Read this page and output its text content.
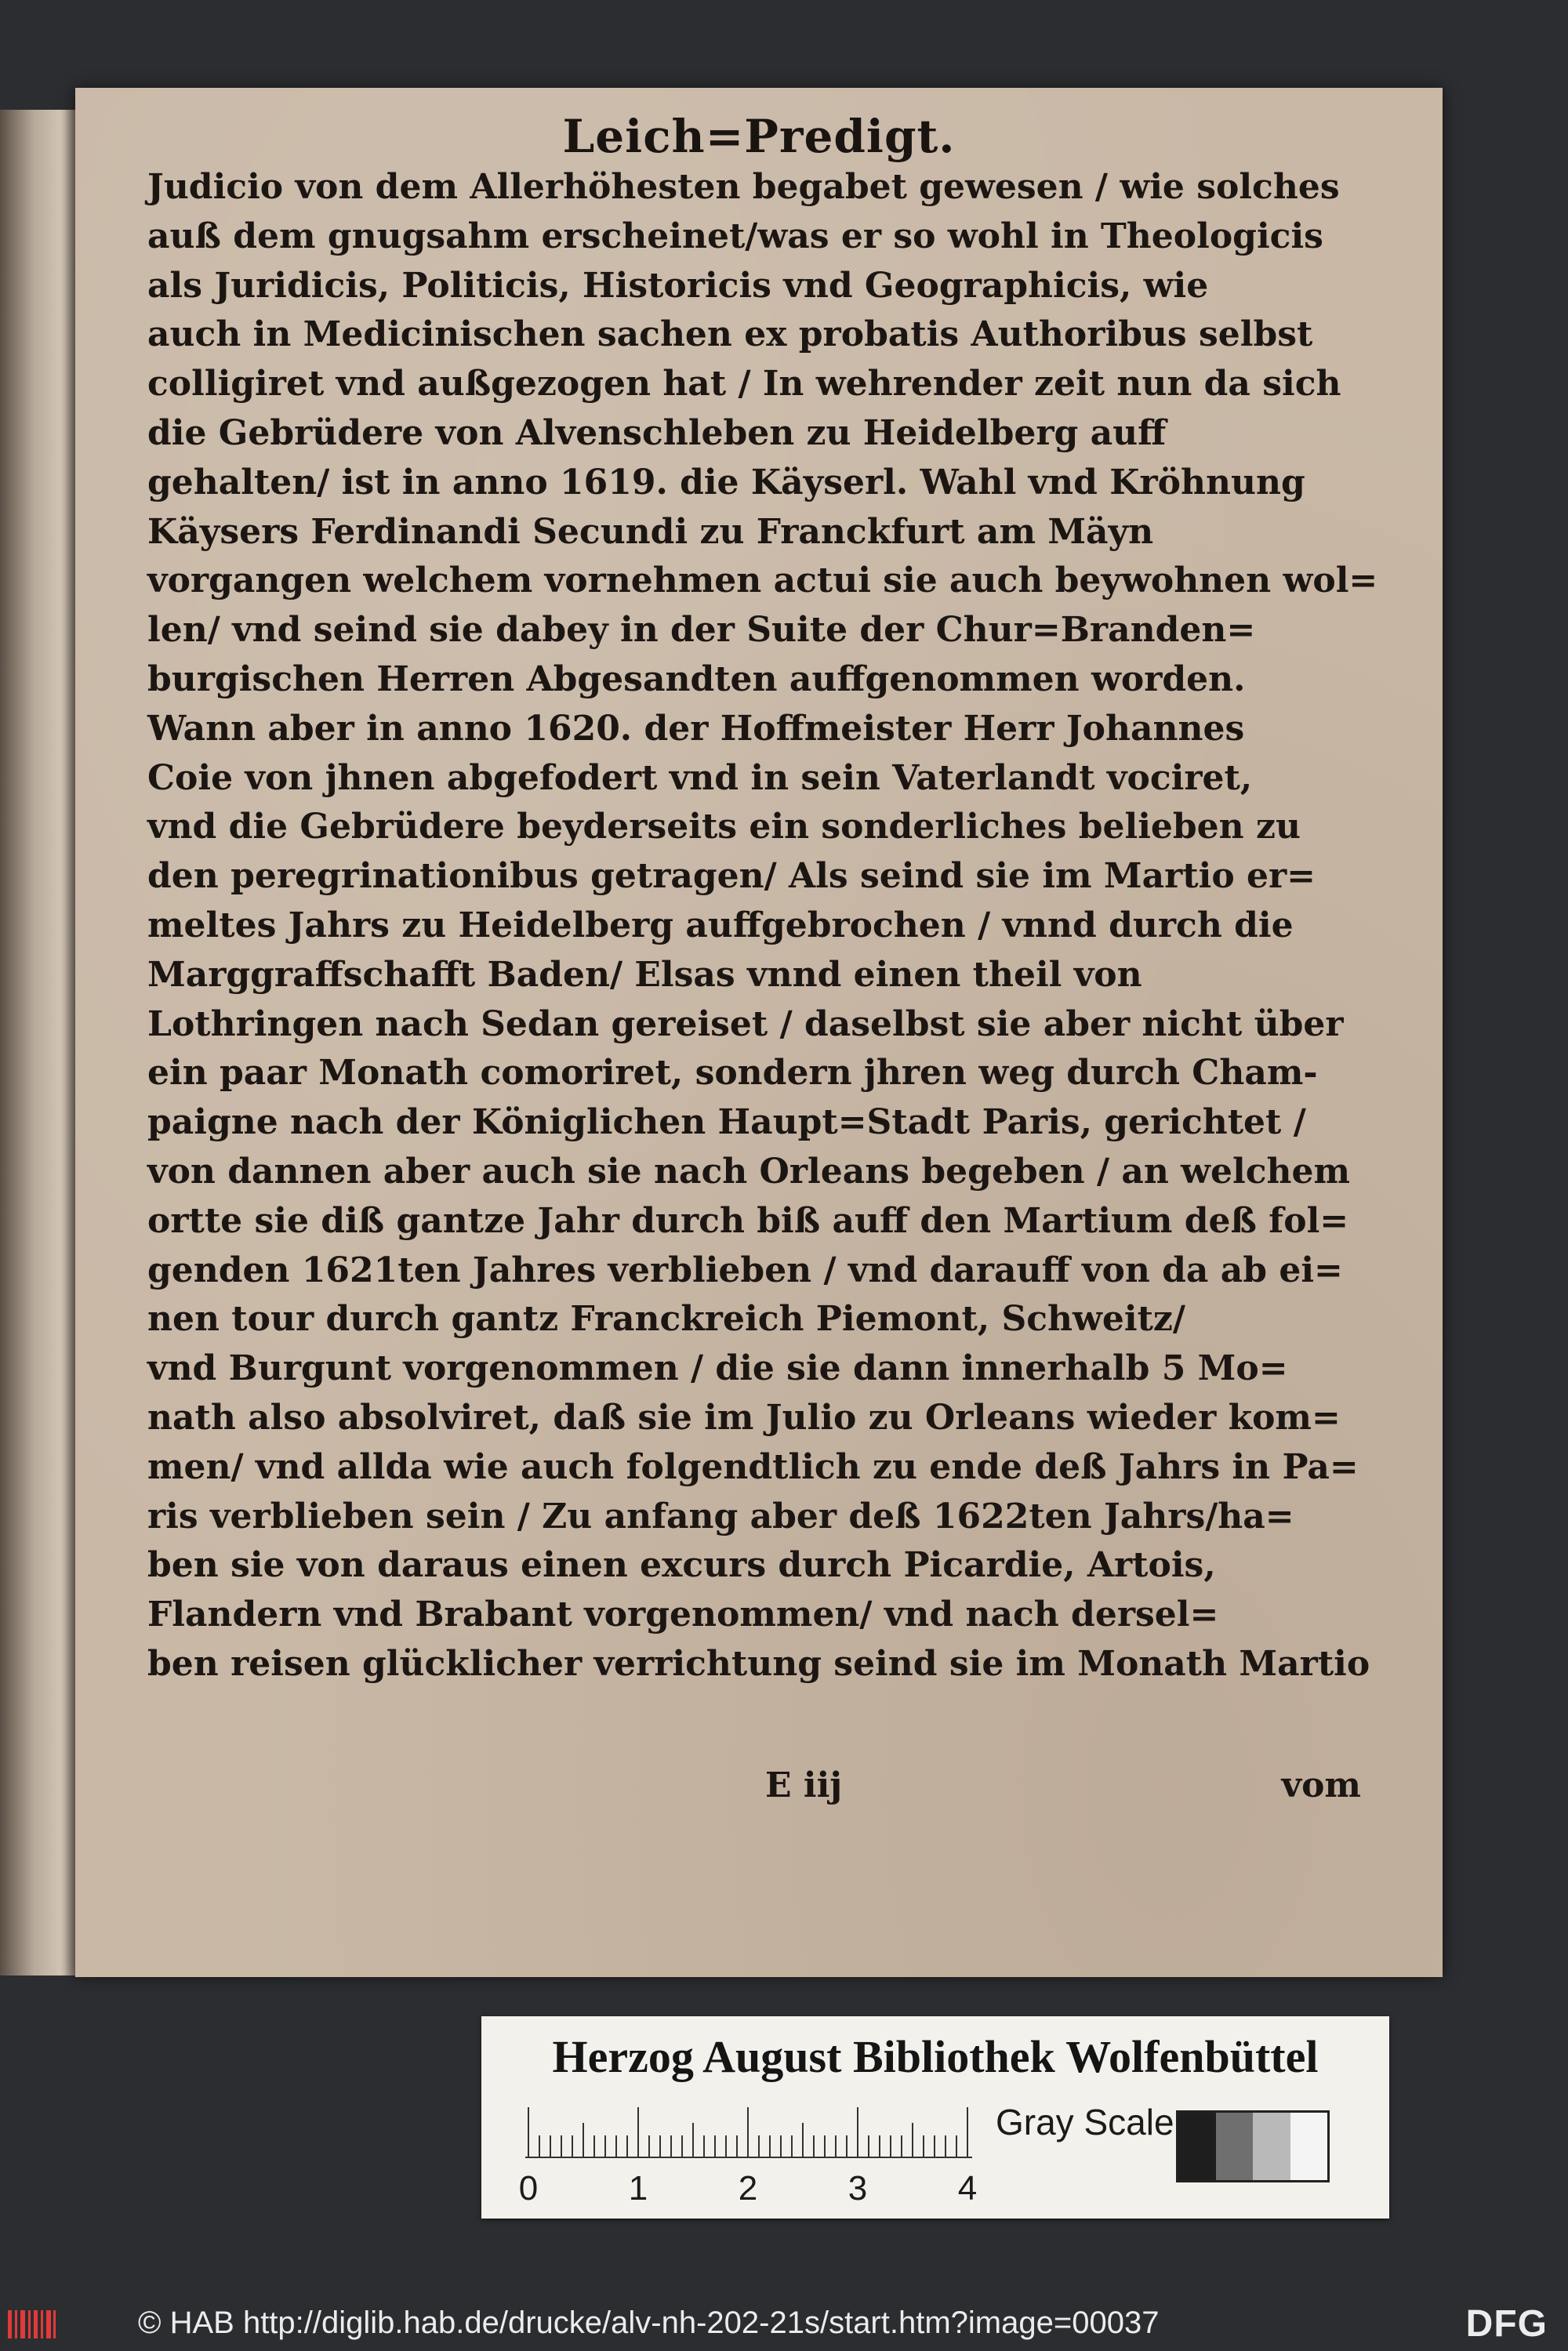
Leich=Predigt.
Judicio von dem Allerhöhesten begabet gewesen / wie solches
auß dem gnugsahm erscheinet/was er so wohl in Theologicis
als Juridicis, Politicis, Historicis vnd Geographicis, wie
auch in Medicinischen sachen ex probatis Authoribus selbst
colligiret vnd außgezogen hat / In wehrender zeit nun da sich
die Gebrüdere von Alvenschleben zu Heidelberg auff
gehalten/ ist in anno 1619. die Käyserl. Wahl vnd Kröhnung
Käysers Ferdinandi Secundi zu Franckfurt am Mäyn
vorgangen welchem vornehmen actui sie auch beywohnen wol=
len/ vnd seind sie dabey in der Suite der Chur=Branden=
burgischen Herren Abgesandten auffgenommen worden.
Wann aber in anno 1620. der Hoffmeister Herr Johannes
Coie von jhnen abgefodert vnd in sein Vaterlandt vociret,
vnd die Gebrüdere beyderseits ein sonderliches belieben zu
den peregrinationibus getragen/ Als seind sie im Martio er=
meltes Jahrs zu Heidelberg auffgebrochen / vnnd durch die
Marggraffschafft Baden/ Elsas vnnd einen theil von
Lothringen nach Sedan gereiset / daselbst sie aber nicht über
ein paar Monath comoriret, sondern jhren weg durch Cham-
paigne nach der Königlichen Haupt=Stadt Paris, gerichtet /
von dannen aber auch sie nach Orleans begeben / an welchem
ortte sie diß gantze Jahr durch biß auff den Martium deß fol=
genden 1621ten Jahres verblieben / vnd darauff von da ab ei=
nen tour durch gantz Franckreich Piemont, Schweitz/
vnd Burgunt vorgenommen / die sie dann innerhalb 5 Mo=
nath also absolviret, daß sie im Julio zu Orleans wieder kom=
men/ vnd allda wie auch folgendtlich zu ende deß Jahrs in Pa=
ris verblieben sein / Zu anfang aber deß 1622ten Jahrs/ha=
ben sie von daraus einen excurs durch Picardie, Artois,
Flandern vnd Brabant vorgenommen/ vnd nach dersel=
ben reisen glücklicher verrichtung seind sie im Monath Martio
E iij	vom
Herzog August Bibliothek Wolfenbüttel
0	1	2	3	4
Gray Scale
© HAB http://diglib.hab.de/drucke/alv-nh-202-21s/start.htm?image=00037	DFG
